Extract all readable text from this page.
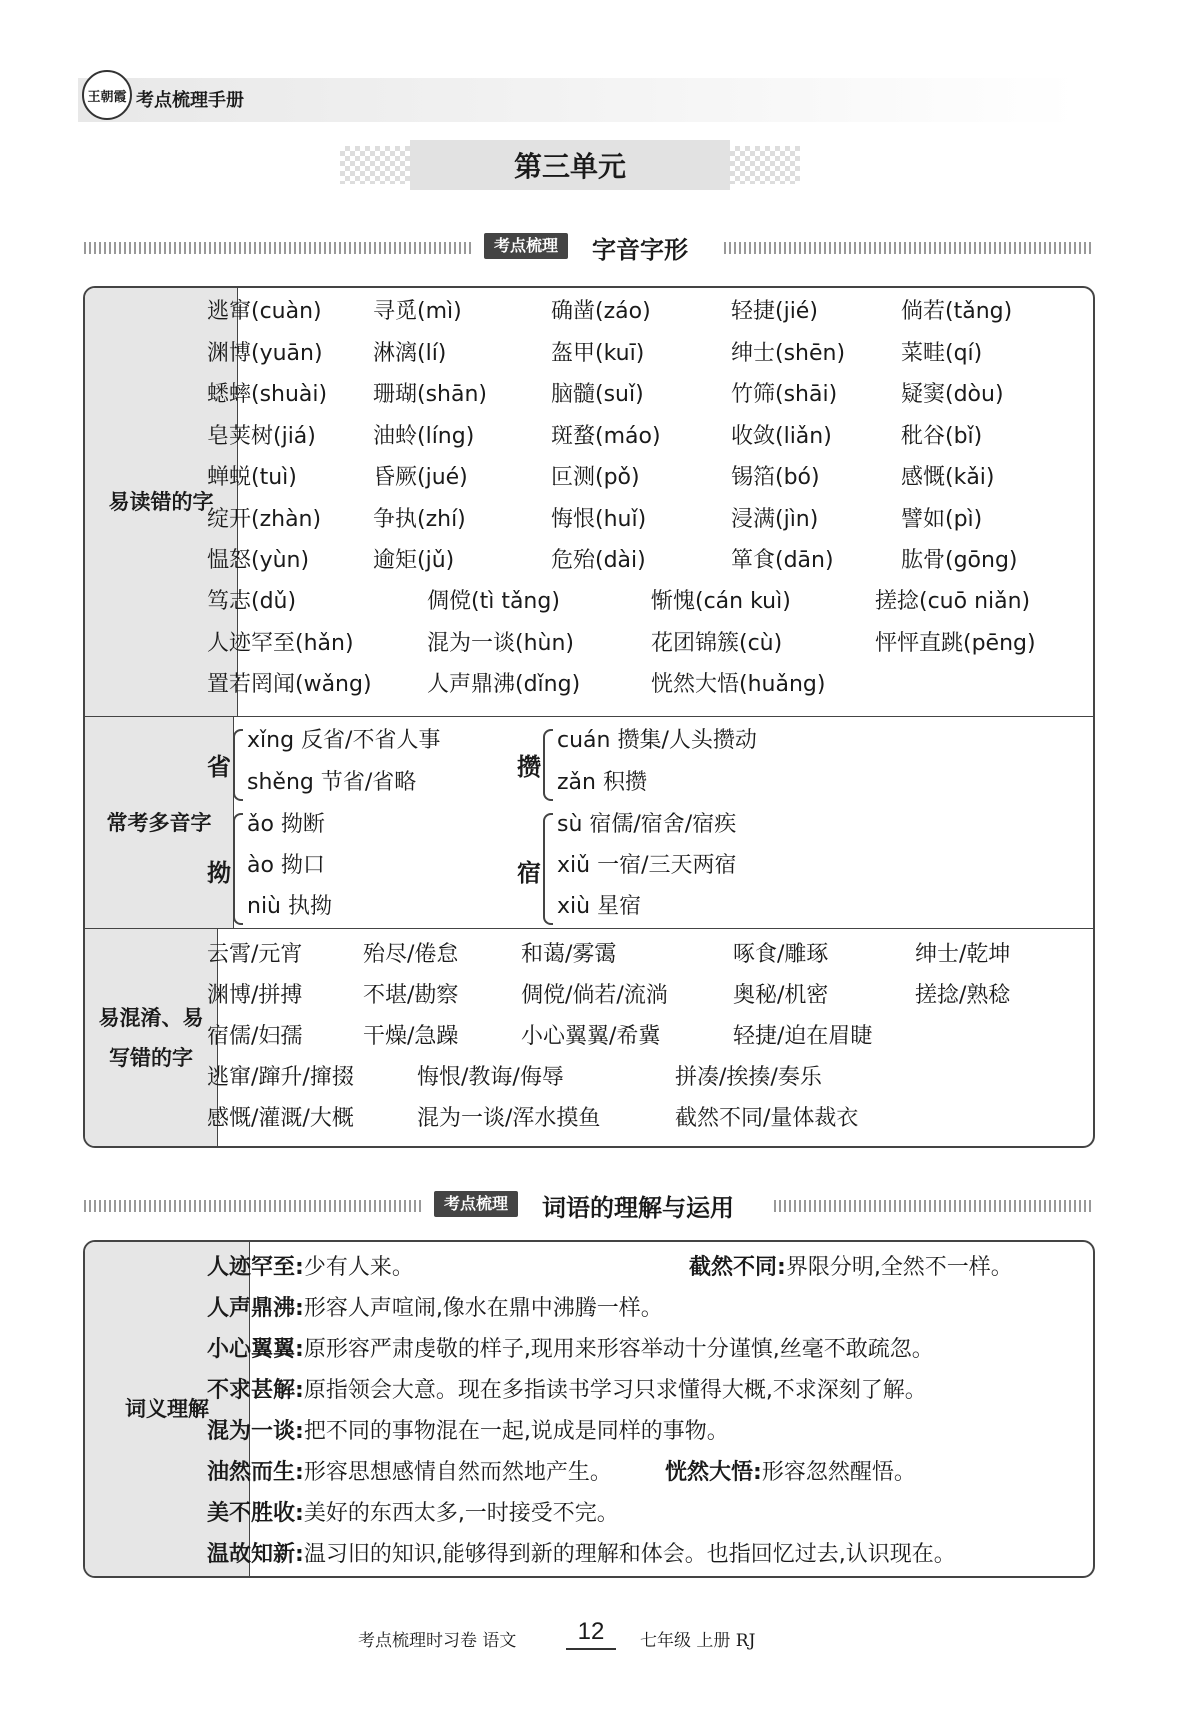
王朝霞 考点梳理手册
第三单元
考点梳理	字音字形
易读错的字
逃窜(cuàn) 寻觅(mì)	确凿(záo)	轻捷(jié)	倘若(tǎng)
渊博(yuān) 淋漓(lí)	盔甲(kuī)	绅士(shēn)	菜畦(qí)
蟋蟀(shuài) 珊瑚(shān)	脑髓(suǐ)	竹筛(shāi)	疑窦(dòu)
皂荚树(jiá)	油蛉(líng)	斑蝥(máo)	收敛(liǎn)	秕谷(bǐ)
蝉蜕(tuì)	昏厥(jué)	叵测(pǒ)	锡箔(bó)	感慨(kǎi)
绽开(zhàn) 争执(zhí)	悔恨(huǐ)	浸满(jìn)	譬如(pì)
愠怒(yùn)	逾矩(jǔ)	危殆(dài)	箪食(dān)	肱骨(gōng)
笃志(dǔ)	倜傥(tì tǎng)	惭愧(cán kuì)	搓捻(cuō niǎn)
人迹罕至(hǎn)	混为一谈(hùn)	花团锦簇(cù)	怦怦直跳(pēng)
置若罔闻(wǎng)	人声鼎沸(dǐng)	恍然大悟(huǎng)
常考多音字
省
xǐng 反省/不省人事
shěng 节省/省略
攒
cuán 攒集/人头攒动
zǎn 积攒
拗
ǎo 拗断
ào 拗口
niù 执拗
宿
sù 宿儒/宿舍/宿疾
xiǔ 一宿/三天两宿
xiù 星宿
易混淆、易写错的字
云霄/元宵	殆尽/倦怠	和蔼/雾霭	啄食/雕琢	绅士/乾坤
渊博/拼搏	不堪/勘察	倜傥/倘若/流淌	奥秘/机密	搓捻/熟稔
宿儒/妇孺	干燥/急躁	小心翼翼/希冀	轻捷/迫在眉睫
逃窜/蹿升/撺掇	悔恨/教诲/侮辱	拼凑/挨揍/奏乐
感慨/灌溉/大概	混为一谈/浑水摸鱼	截然不同/量体裁衣
考点梳理	词语的理解与运用
词义理解
人迹罕至:少有人来。	截然不同:界限分明,全然不一样。
人声鼎沸:形容人声喧闹,像水在鼎中沸腾一样。
小心翼翼:原形容严肃虔敬的样子,现用来形容举动十分谨慎,丝毫不敢疏忽。
不求甚解:原指领会大意。现在多指读书学习只求懂得大概,不求深刻了解。
混为一谈:把不同的事物混在一起,说成是同样的事物。
油然而生:形容思想感情自然而然地产生。 恍然大悟:形容忽然醒悟。
美不胜收:美好的东西太多,一时接受不完。
温故知新:温习旧的知识,能够得到新的理解和体会。也指回忆过去,认识现在。
考点梳理时习卷 语文	12	七年级 上册 RJ
